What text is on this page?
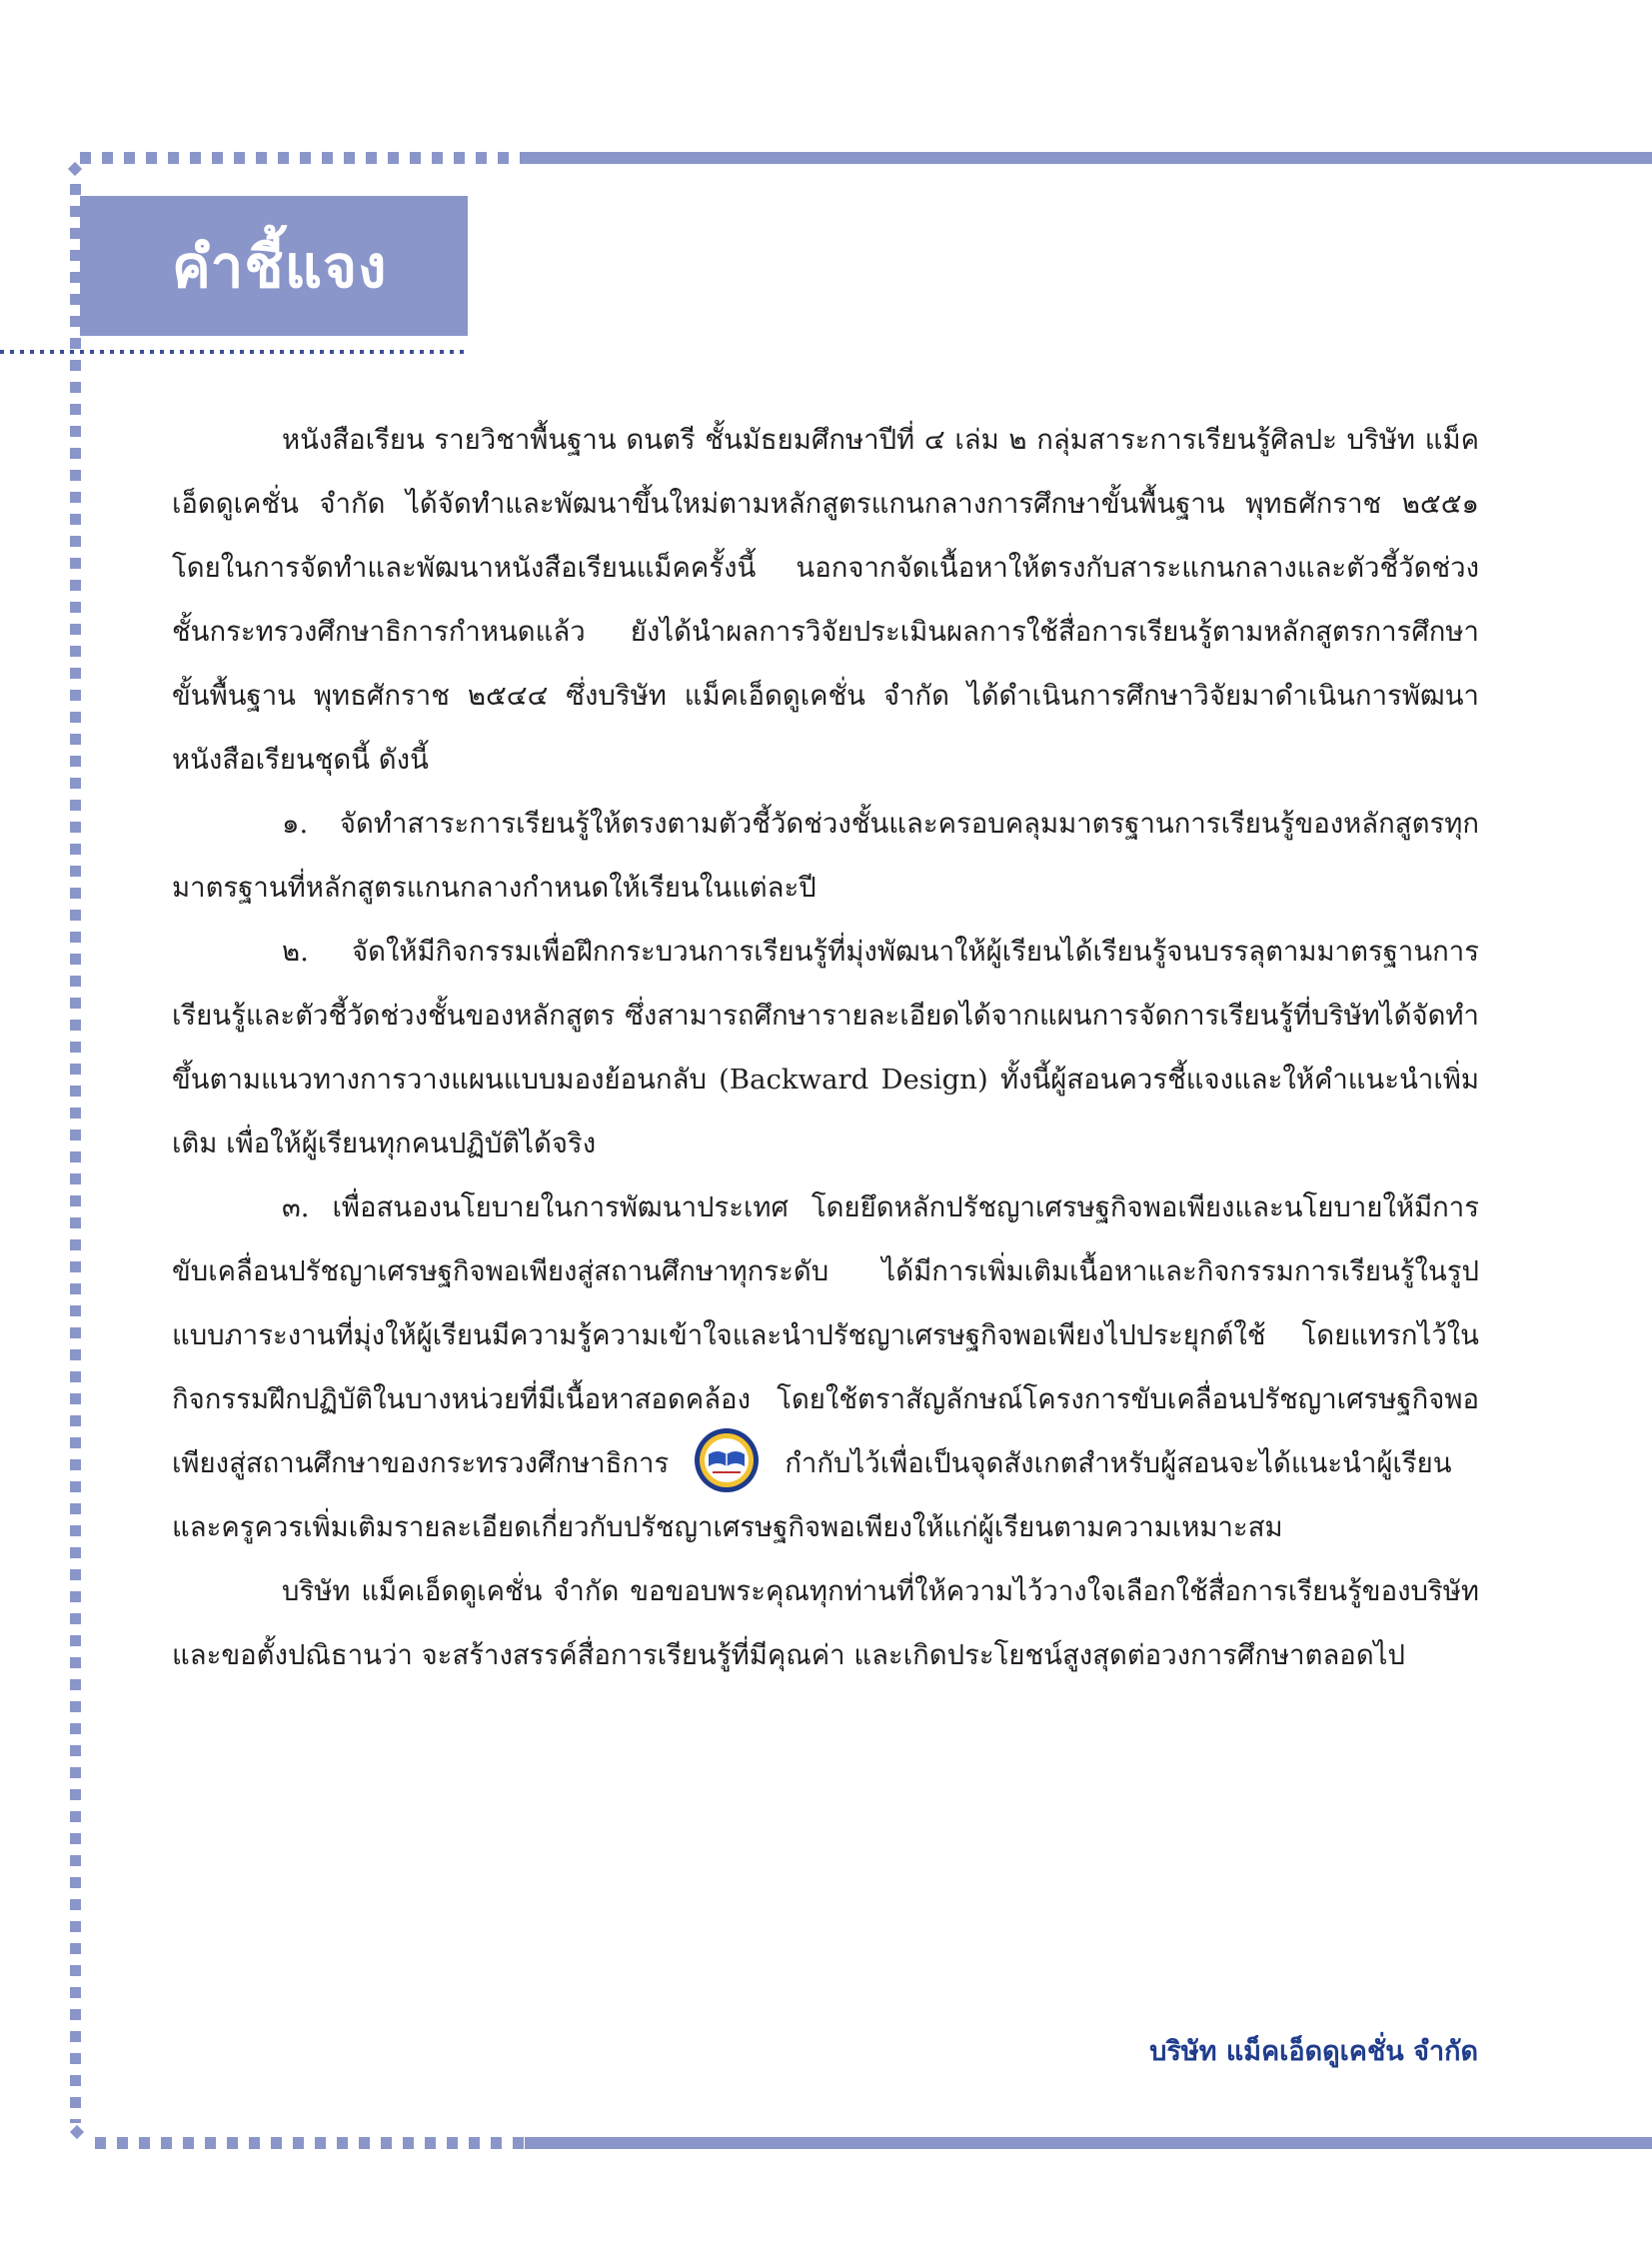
คำชี้แจง

หนังสือเรียน รายวิชาพื้นฐาน ดนตรี ชั้นมัธยมศึกษาปีที่ ๔ เล่ม ๒ กลุ่มสาระการเรียนรู้ศิลปะ บริษัท แม็คเอ็ดดูเคชั่น จำกัด ได้จัดทำและพัฒนาขึ้นใหม่ตามหลักสูตรแกนกลางการศึกษาขั้นพื้นฐาน พุทธศักราช ๒๕๕๑ โดยในการจัดทำและพัฒนาหนังสือเรียนแม็คครั้งนี้ นอกจากจัดเนื้อหาให้ตรงกับสาระแกนกลางและตัวชี้วัดช่วงชั้นกระทรวงศึกษาธิการกำหนดแล้ว ยังได้นำผลการวิจัยประเมินผลการใช้สื่อการเรียนรู้ตามหลักสูตรการศึกษา ขั้นพื้นฐาน พุทธศักราช ๒๕๔๔ ซึ่งบริษัท แม็คเอ็ดดูเคชั่น จำกัด ได้ดำเนินการศึกษาวิจัยมาดำเนินการพัฒนาหนังสือเรียนชุดนี้ ดังนี้

๑. จัดทำสาระการเรียนรู้ให้ตรงตามตัวชี้วัดช่วงชั้นและครอบคลุมมาตรฐานการเรียนรู้ของหลักสูตรทุกมาตรฐานที่หลักสูตรแกนกลางกำหนดให้เรียนในแต่ละปี

๒. จัดให้มีกิจกรรมเพื่อฝึกกระบวนการเรียนรู้ที่มุ่งพัฒนาให้ผู้เรียนได้เรียนรู้จนบรรลุตามมาตรฐานการเรียนรู้และตัวชี้วัดช่วงชั้นของหลักสูตร ซึ่งสามารถศึกษารายละเอียดได้จากแผนการจัดการเรียนรู้ที่บริษัทได้จัดทำขึ้นตามแนวทางการวางแผนแบบมองย้อนกลับ (Backward Design) ทั้งนี้ผู้สอนควรชี้แจงและให้คำแนะนำเพิ่มเติม เพื่อให้ผู้เรียนทุกคนปฏิบัติได้จริง

๓. เพื่อสนองนโยบายในการพัฒนาประเทศ โดยยึดหลักปรัชญาเศรษฐกิจพอเพียงและนโยบายให้มีการขับเคลื่อนปรัชญาเศรษฐกิจพอเพียงสู่สถานศึกษาทุกระดับ ได้มีการเพิ่มเติมเนื้อหาและกิจกรรมการเรียนรู้ในรูปแบบภาระงานที่มุ่งให้ผู้เรียนมีความรู้ความเข้าใจและนำปรัชญาเศรษฐกิจพอเพียงไปประยุกต์ใช้ โดยแทรกไว้ในกิจกรรมฝึกปฏิบัติในบางหน่วยที่มีเนื้อหาสอดคล้อง โดยใช้ตราสัญลักษณ์โครงการขับเคลื่อนปรัชญาเศรษฐกิจพอเพียงสู่สถานศึกษาของกระทรวงศึกษาธิการ	กำกับไว้เพื่อเป็นจุดสังเกตสำหรับผู้สอนจะได้แนะนำผู้เรียน และครูควรเพิ่มเติมรายละเอียดเกี่ยวกับปรัชญาเศรษฐกิจพอเพียงให้แก่ผู้เรียนตามความเหมาะสม

บริษัท แม็คเอ็ดดูเคชั่น จำกัด ขอขอบพระคุณทุกท่านที่ให้ความไว้วางใจเลือกใช้สื่อการเรียนรู้ของบริษัท และขอตั้งปณิธานว่า จะสร้างสรรค์สื่อการเรียนรู้ที่มีคุณค่า และเกิดประโยชน์สูงสุดต่อวงการศึกษาตลอดไป

บริษัท แม็คเอ็ดดูเคชั่น จำกัด
